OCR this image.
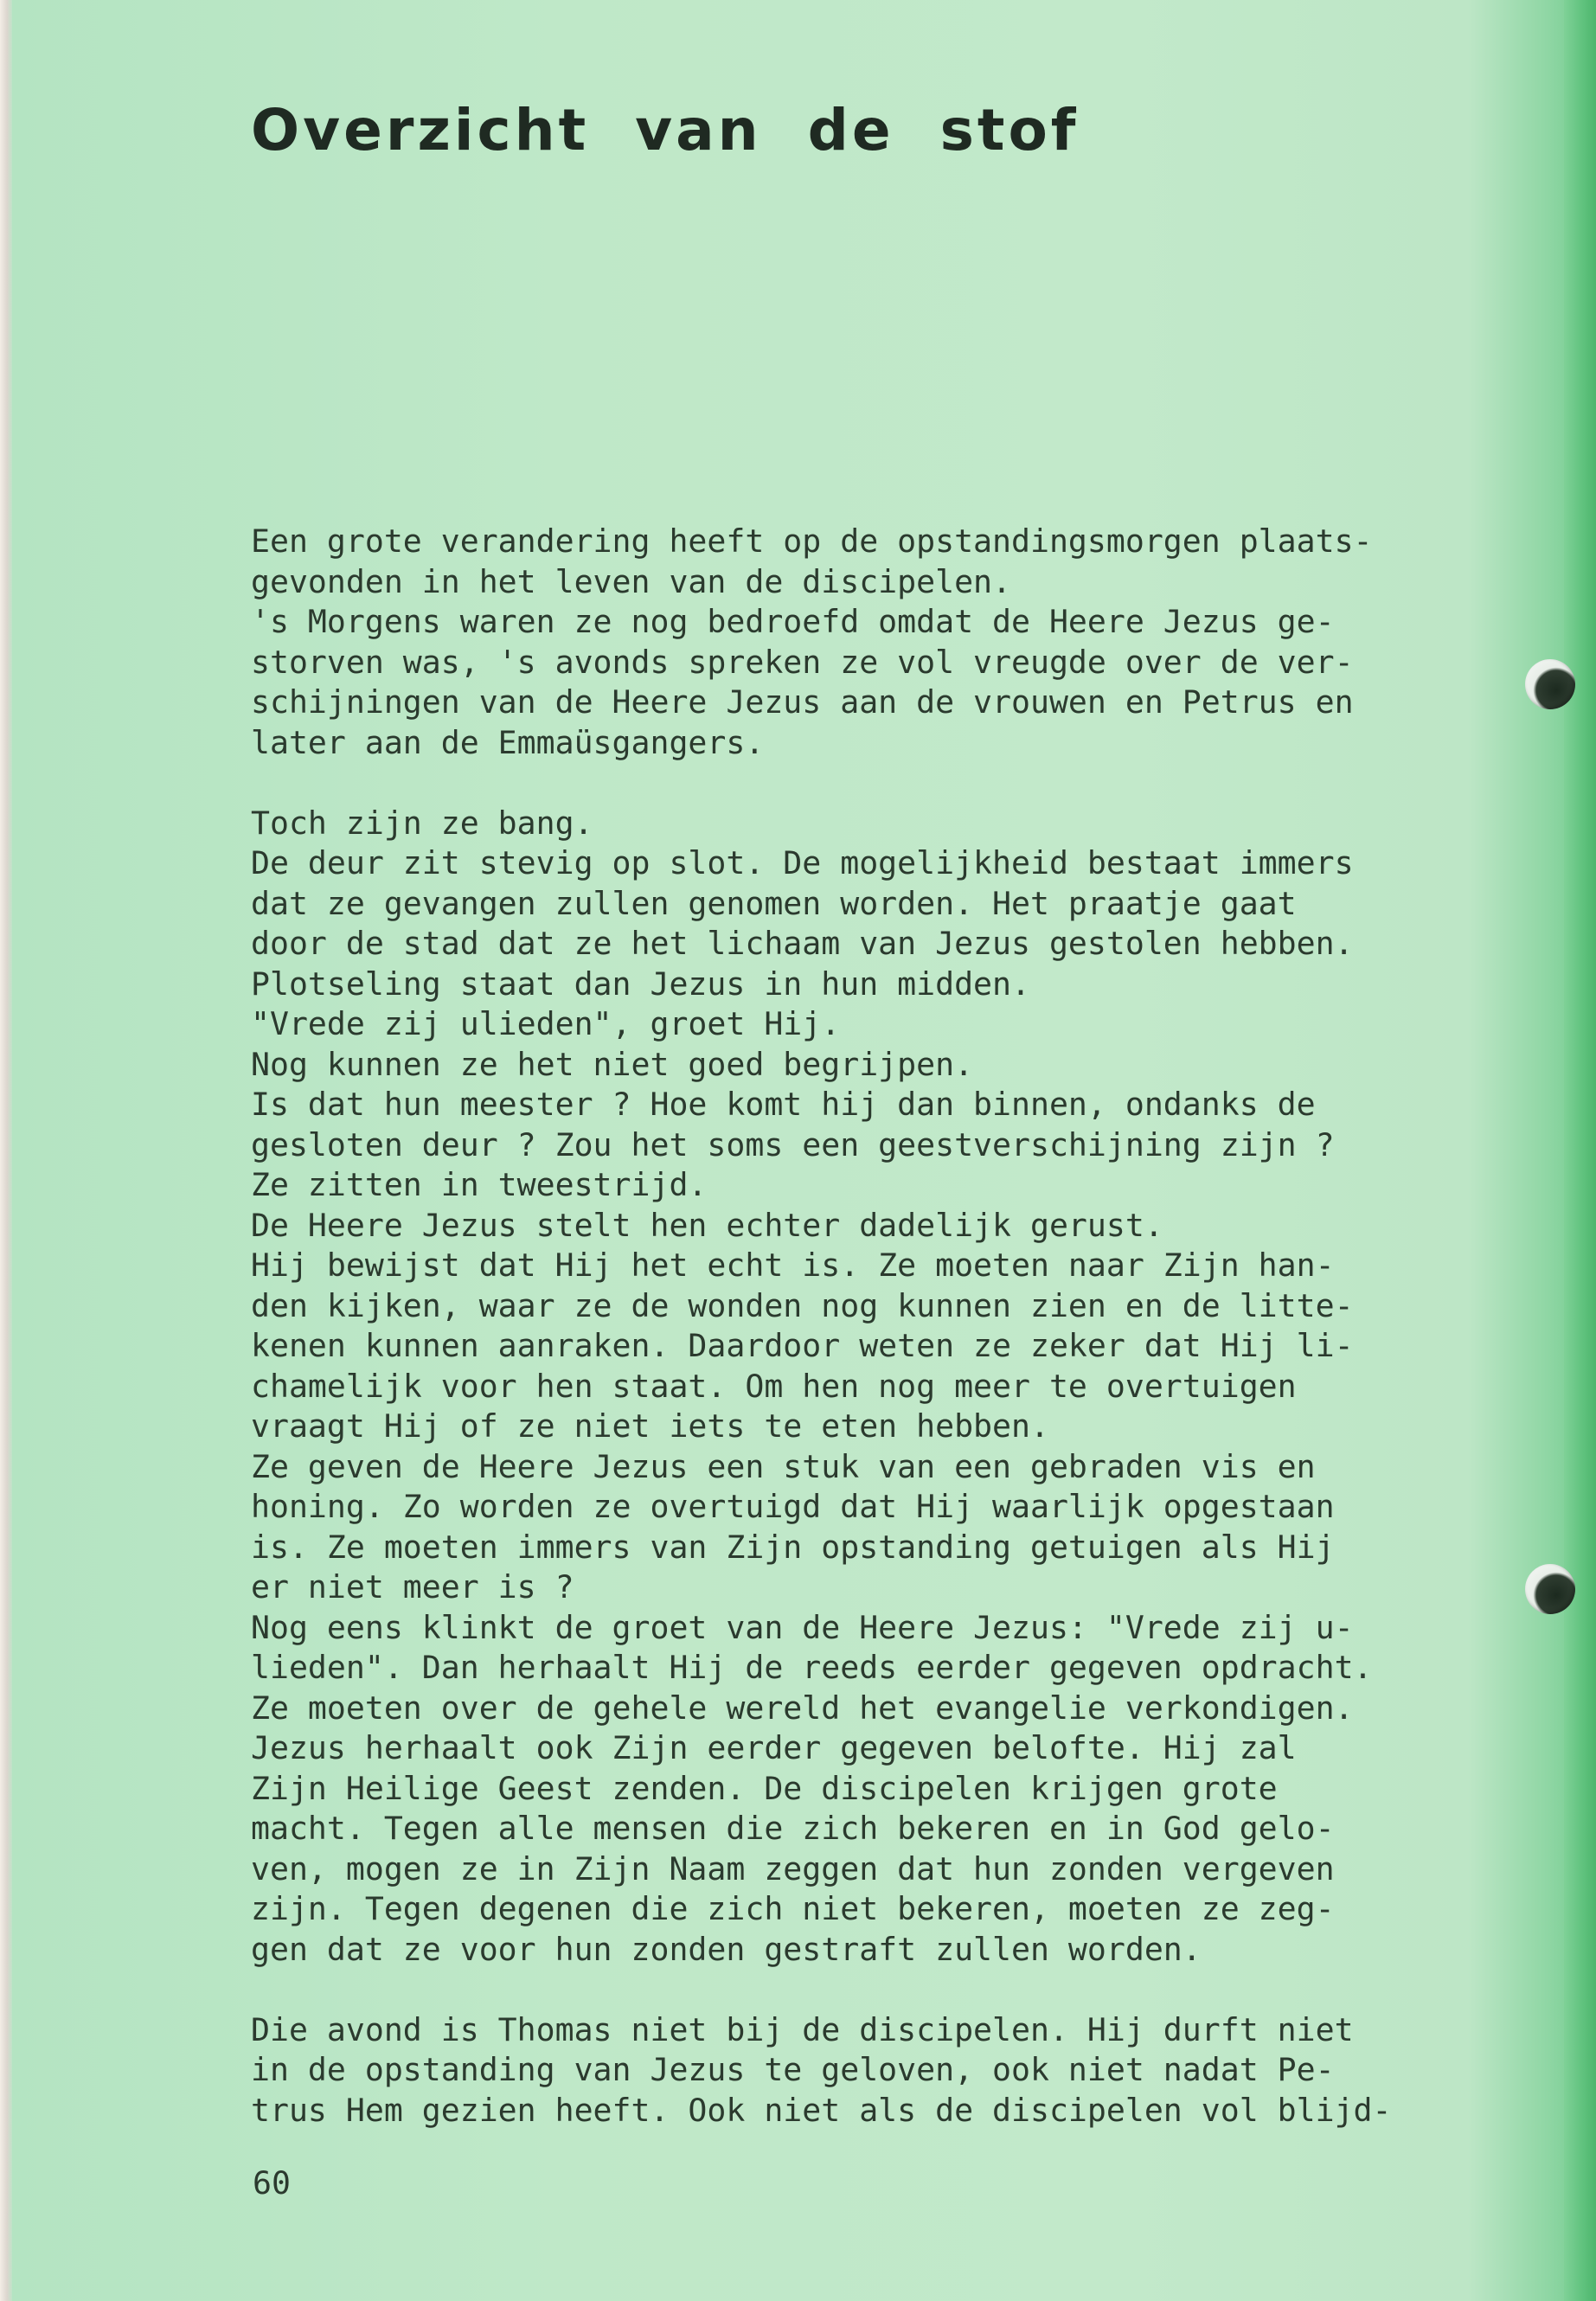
Overzicht van de stof
Een grote verandering heeft op de opstandingsmorgen plaats-
gevonden in het leven van de discipelen.
's Morgens waren ze nog bedroefd omdat de Heere Jezus ge-
storven was, 's avonds spreken ze vol vreugde over de ver-
schijningen van de Heere Jezus aan de vrouwen en Petrus en
later aan de Emmaüsgangers.
Toch zijn ze bang.
De deur zit stevig op slot. De mogelijkheid bestaat immers
dat ze gevangen zullen genomen worden. Het praatje gaat
door de stad dat ze het lichaam van Jezus gestolen hebben.
Plotseling staat dan Jezus in hun midden.
"Vrede zij ulieden", groet Hij.
Nog kunnen ze het niet goed begrijpen.
Is dat hun meester ? Hoe komt hij dan binnen, ondanks de
gesloten deur ? Zou het soms een geestverschijning zijn ?
Ze zitten in tweestrijd.
De Heere Jezus stelt hen echter dadelijk gerust.
Hij bewijst dat Hij het echt is. Ze moeten naar Zijn han-
den kijken, waar ze de wonden nog kunnen zien en de litte-
kenen kunnen aanraken. Daardoor weten ze zeker dat Hij li-
chamelijk voor hen staat. Om hen nog meer te overtuigen
vraagt Hij of ze niet iets te eten hebben.
Ze geven de Heere Jezus een stuk van een gebraden vis en
honing. Zo worden ze overtuigd dat Hij waarlijk opgestaan
is. Ze moeten immers van Zijn opstanding getuigen als Hij
er niet meer is ?
Nog eens klinkt de groet van de Heere Jezus: "Vrede zij u-
lieden". Dan herhaalt Hij de reeds eerder gegeven opdracht.
Ze moeten over de gehele wereld het evangelie verkondigen.
Jezus herhaalt ook Zijn eerder gegeven belofte. Hij zal
Zijn Heilige Geest zenden. De discipelen krijgen grote
macht. Tegen alle mensen die zich bekeren en in God gelo-
ven, mogen ze in Zijn Naam zeggen dat hun zonden vergeven
zijn. Tegen degenen die zich niet bekeren, moeten ze zeg-
gen dat ze voor hun zonden gestraft zullen worden.
Die avond is Thomas niet bij de discipelen. Hij durft niet
in de opstanding van Jezus te geloven, ook niet nadat Pe-
trus Hem gezien heeft. Ook niet als de discipelen vol blijd-
60
